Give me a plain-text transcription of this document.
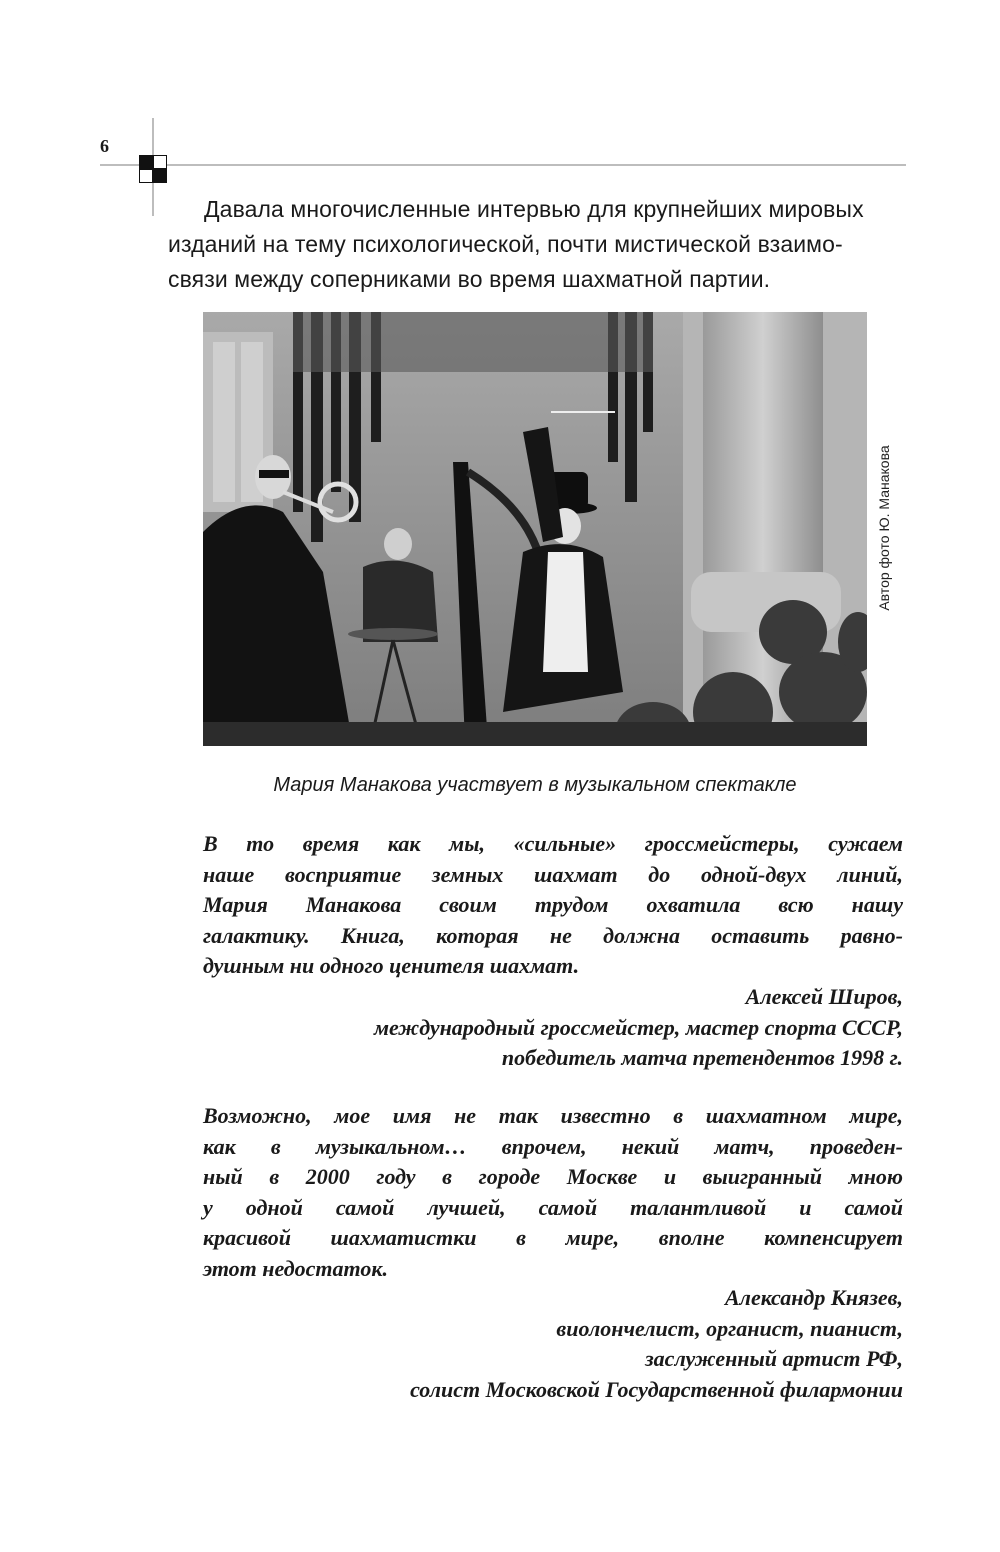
6

Давала многочисленные интервью для крупнейших мировых
изданий на тему психологической, почти мистической взаимо-
связи между соперниками во время шахматной партии.

Автор фото Ю. Манакова
Мария Манакова участвует в музыкальном спектакле

В то время как мы, «сильные» гроссмейстеры, сужаем
наше восприятие земных шахмат до одной-двух линий,
Мария Манакова своим трудом охватила всю нашу
галактику. Книга, которая не должна оставить равно-
душным ни одного ценителя шахмат.

Алексей Широв,
международный гроссмейстер, мастер спорта СССР,
победитель матча претендентов 1998 г.

Возможно, мое имя не так известно в шахматном мире,
как в музыкальном… впрочем, некий матч, проведен-
ный в 2000 году в городе Москве и выигранный мною
у одной самой лучшей, самой талантливой и самой
красивой шахматистки в мире, вполне компенсирует
этот недостаток.

Александр Князев,
виолончелист, органист, пианист,
заслуженный артист РФ,
солист Московской Государственной филармонии
